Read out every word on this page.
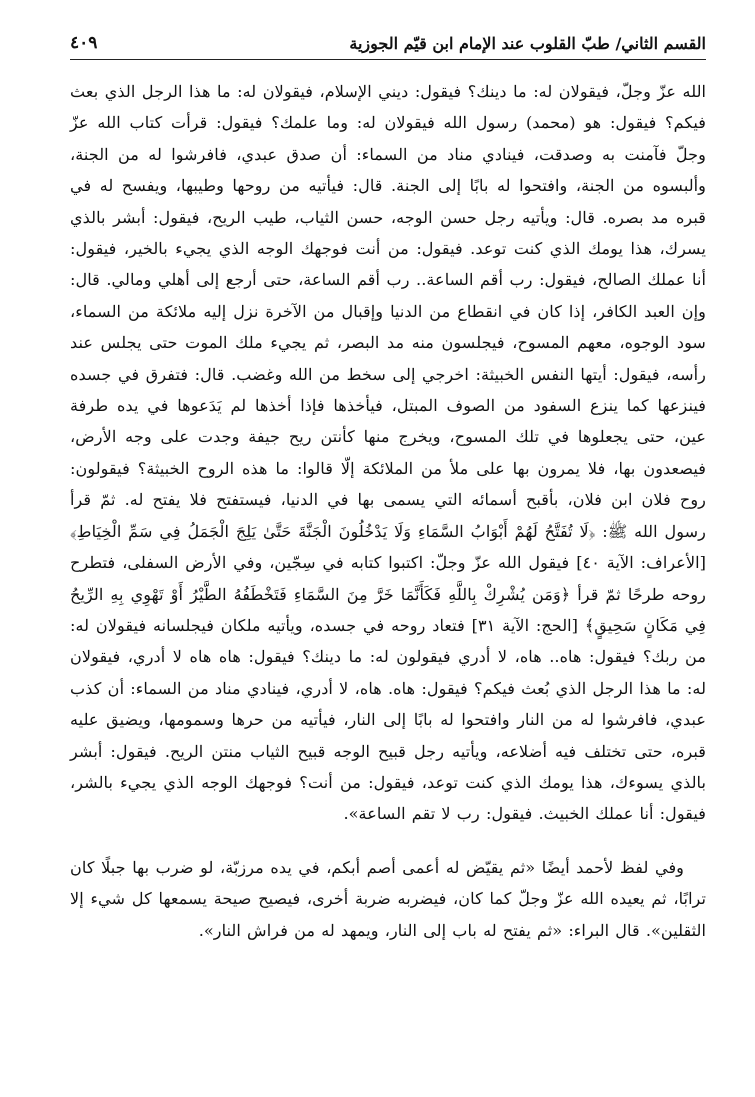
القسم الثاني/ طبّ القلوب عند الإمام ابن قيّم الجوزية
٤٠٩

الله عزّ وجلّ، فيقولان له: ما دينك؟ فيقول: ديني الإسلام، فيقولان له: ما هذا الرجل الذي بعث فيكم؟ فيقول: هو (محمد) رسول الله فيقولان له: وما علمك؟ فيقول: قرأت كتاب الله عزّ وجلّ فآمنت به وصدقت، فينادي مناد من السماء: أن صدق عبدي، فافرشوا له من الجنة، وألبسوه من الجنة، وافتحوا له بابًا إلى الجنة. قال: فيأتيه من روحها وطيبها، ويفسح له في قبره مد بصره. قال: ويأتيه رجل حسن الوجه، حسن الثياب، طيب الريح، فيقول: أبشر بالذي يسرك، هذا يومك الذي كنت توعد. فيقول: من أنت فوجهك الوجه الذي يجيء بالخير، فيقول: أنا عملك الصالح، فيقول: رب أقم الساعة.. رب أقم الساعة، حتى أرجع إلى أهلي ومالي. قال: وإن العبد الكافر، إذا كان في انقطاع من الدنيا وإقبال من الآخرة نزل إليه ملائكة من السماء، سود الوجوه، معهم المسوح، فيجلسون منه مد البصر، ثم يجيء ملك الموت حتى يجلس عند رأسه، فيقول: أيتها النفس الخبيثة: اخرجي إلى سخط من الله وغضب. قال: فتفرق في جسده فينزعها كما ينزع السفود من الصوف المبتل، فيأخذها فإذا أخذها لم يَدَعوها في يده طرفة عين، حتى يجعلوها في تلك المسوح، ويخرج منها كأنتن ريح جيفة وجدت على وجه الأرض، فيصعدون بها، فلا يمرون بها على ملأ من الملائكة إلّا قالوا: ما هذه الروح الخبيثة؟ فيقولون: روح فلان ابن فلان، بأقبح أسمائه التي يسمى بها في الدنيا، فيستفتح فلا يفتح له. ثمّ قرأ رسول الله ﷺ: ﴿لَا تُفَتَّحُ لَهُمْ أَبْوَابُ السَّمَاءِ وَلَا يَدْخُلُونَ الْجَنَّةَ حَتَّىٰ يَلِجَ الْجَمَلُ فِي سَمِّ الْخِيَاطِ﴾ [الأعراف: الآية ٤٠] فيقول الله عزّ وجلّ: اكتبوا كتابه في سِجّين، وفي الأرض السفلى، فتطرح روحه طرحًا ثمّ قرأ ﴿وَمَن يُشْرِكْ بِاللَّهِ فَكَأَنَّمَا خَرَّ مِنَ السَّمَاءِ فَتَخْطَفُهُ الطَّيْرُ أَوْ تَهْوِي بِهِ الرِّيحُ فِي مَكَانٍ سَحِيقٍ﴾ [الحج: الآية ٣١] فتعاد روحه في جسده، ويأتيه ملكان فيجلسانه فيقولان له: من ربك؟ فيقول: هاه.. هاه، لا أدري فيقولون له: ما دينك؟ فيقول: هاه هاه لا أدري، فيقولان له: ما هذا الرجل الذي بُعث فيكم؟ فيقول: هاه. هاه، لا أدري، فينادي مناد من السماء: أن كذب عبدي، فافرشوا له من النار وافتحوا له بابًا إلى النار، فيأتيه من حرها وسمومها، ويضيق عليه قبره، حتى تختلف فيه أضلاعه، ويأتيه رجل قبيح الوجه قبيح الثياب منتن الريح. فيقول: أبشر بالذي يسوءك، هذا يومك الذي كنت توعد، فيقول: من أنت؟ فوجهك الوجه الذي يجيء بالشر، فيقول: أنا عملك الخبيث. فيقول: رب لا تقم الساعة».

وفي لفظ لأحمد أيضًا «ثم يقيّض له أعمى أصم أبكم، في يده مرزبّة، لو ضرب بها جبلًا كان ترابًا، ثم يعيده الله عزّ وجلّ كما كان، فيضربه ضربة أخرى، فيصيح صيحة يسمعها كل شيء إلا الثقلين». قال البراء: «ثم يفتح له باب إلى النار، ويمهد له من فراش النار».
